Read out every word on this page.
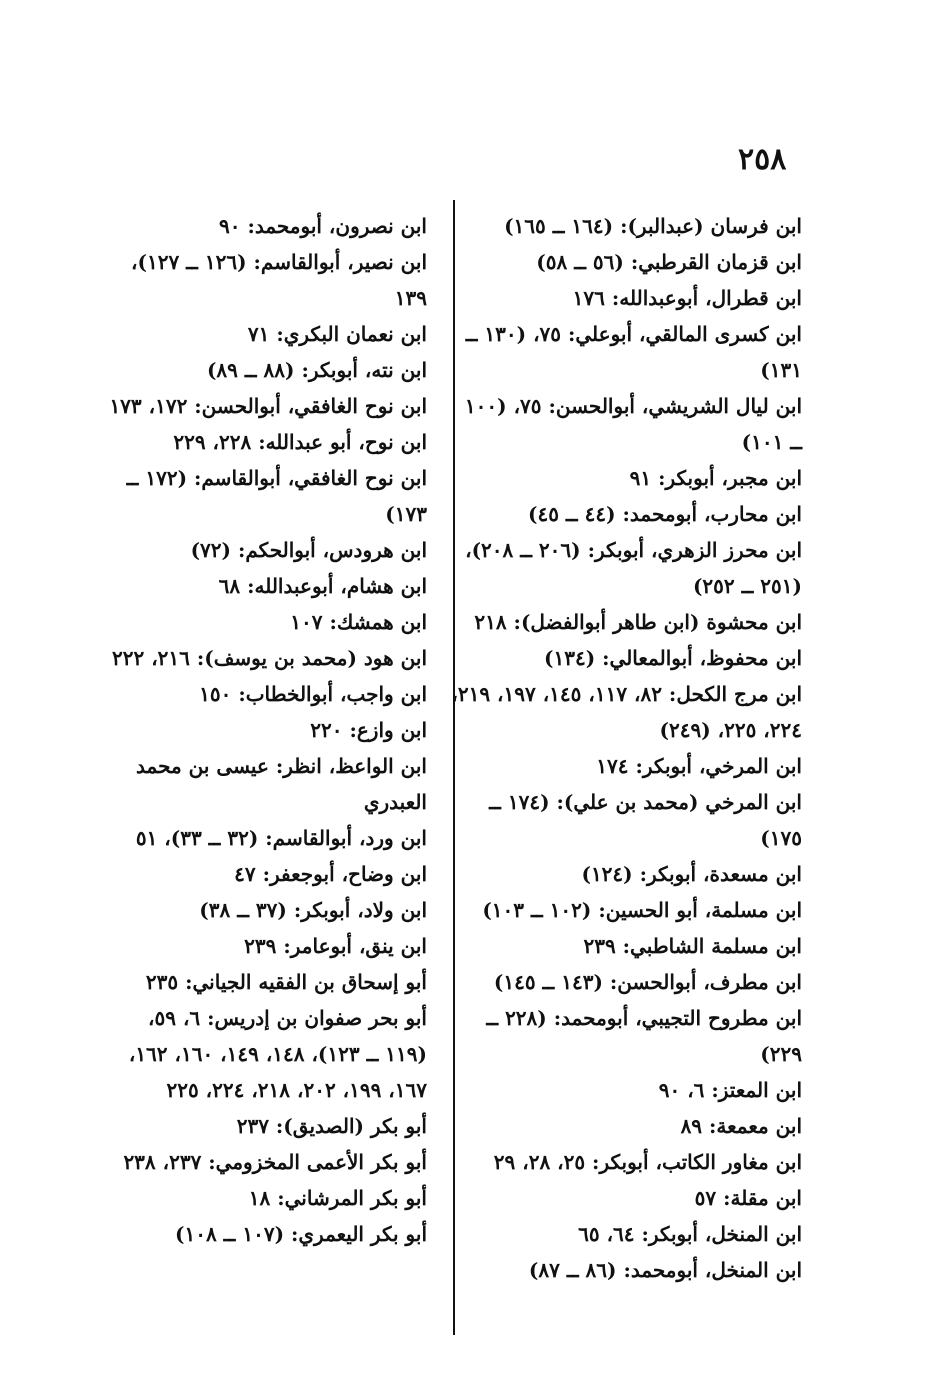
٢٥٨
ابن فرسان (عبدالبر): (١٦٤ ــ ١٦٥)
ابن قزمان القرطبي: (٥٦ ــ ٥٨)
ابن قطرال، أبوعبدالله: ١٧٦
ابن كسرى المالقي، أبوعلي: ٧٥، (١٣٠ ــ ١٣١)
ابن ليال الشريشي، أبوالحسن: ٧٥، (١٠٠ ــ ١٠١)
ابن مجبر، أبوبكر: ٩١
ابن محارب، أبومحمد: (٤٤ ــ ٤٥)
ابن محرز الزهري، أبوبكر: (٢٠٦ ــ ٢٠٨)، (٢٥١ ــ ٢٥٢)
ابن محشوة (ابن طاهر أبوالفضل): ٢١٨
ابن محفوظ، أبوالمعالي: (١٣٤)
ابن مرج الكحل: ٨٢، ١١٧، ١٤٥، ١٩٧، ٢١٩، ٢٢٤، ٢٢٥، (٢٤٩)
ابن المرخي، أبوبكر: ١٧٤
ابن المرخي (محمد بن علي): (١٧٤ ــ ١٧٥)
ابن مسعدة، أبوبكر: (١٢٤)
ابن مسلمة، أبو الحسين: (١٠٢ ــ ١٠٣)
ابن مسلمة الشاطبي: ٢٣٩
ابن مطرف، أبوالحسن: (١٤٣ ــ ١٤٥)
ابن مطروح التجيبي، أبومحمد: (٢٢٨ ــ ٢٢٩)
ابن المعتز: ٦، ٩٠
ابن معمعة: ٨٩
ابن مغاور الكاتب، أبوبكر: ٢٥، ٢٨، ٢٩
ابن مقلة: ٥٧
ابن المنخل، أبوبكر: ٦٤، ٦٥
ابن المنخل، أبومحمد: (٨٦ ــ ٨٧)
ابن نصرون، أبومحمد: ٩٠
ابن نصير، أبوالقاسم: (١٢٦ ــ ١٢٧)، ١٣٩
ابن نعمان البكري: ٧١
ابن نته، أبوبكر: (٨٨ ــ ٨٩)
ابن نوح الغافقي، أبوالحسن: ١٧٢، ١٧٣
ابن نوح، أبو عبدالله: ٢٢٨، ٢٢٩
ابن نوح الغافقي، أبوالقاسم: (١٧٢ ــ ١٧٣)
ابن هرودس، أبوالحكم: (٧٢)
ابن هشام، أبوعبدالله: ٦٨
ابن همشك: ١٠٧
ابن هود (محمد بن يوسف): ٢١٦، ٢٢٢
ابن واجب، أبوالخطاب: ١٥٠
ابن وازع: ٢٢٠
ابن الواعظ، انظر: عيسى بن محمد العبدري
ابن ورد، أبوالقاسم: (٣٢ ــ ٣٣)، ٥١
ابن وضاح، أبوجعفر: ٤٧
ابن ولاد، أبوبكر: (٣٧ ــ ٣٨)
ابن ينق، أبوعامر: ٢٣٩
أبو إسحاق بن الفقيه الجياني: ٢٣٥
أبو بحر صفوان بن إدريس: ٦، ٥٩، (١١٩ ــ ١٢٣)، ١٤٨، ١٤٩، ١٦٠، ١٦٢، ١٦٧، ١٩٩، ٢٠٢، ٢١٨، ٢٢٤، ٢٢٥
أبو بكر (الصديق): ٢٣٧
أبو بكر الأعمى المخزومي: ٢٣٧، ٢٣٨
أبو بكر المرشاني: ١٨
أبو بكر اليعمري: (١٠٧ ــ ١٠٨)
